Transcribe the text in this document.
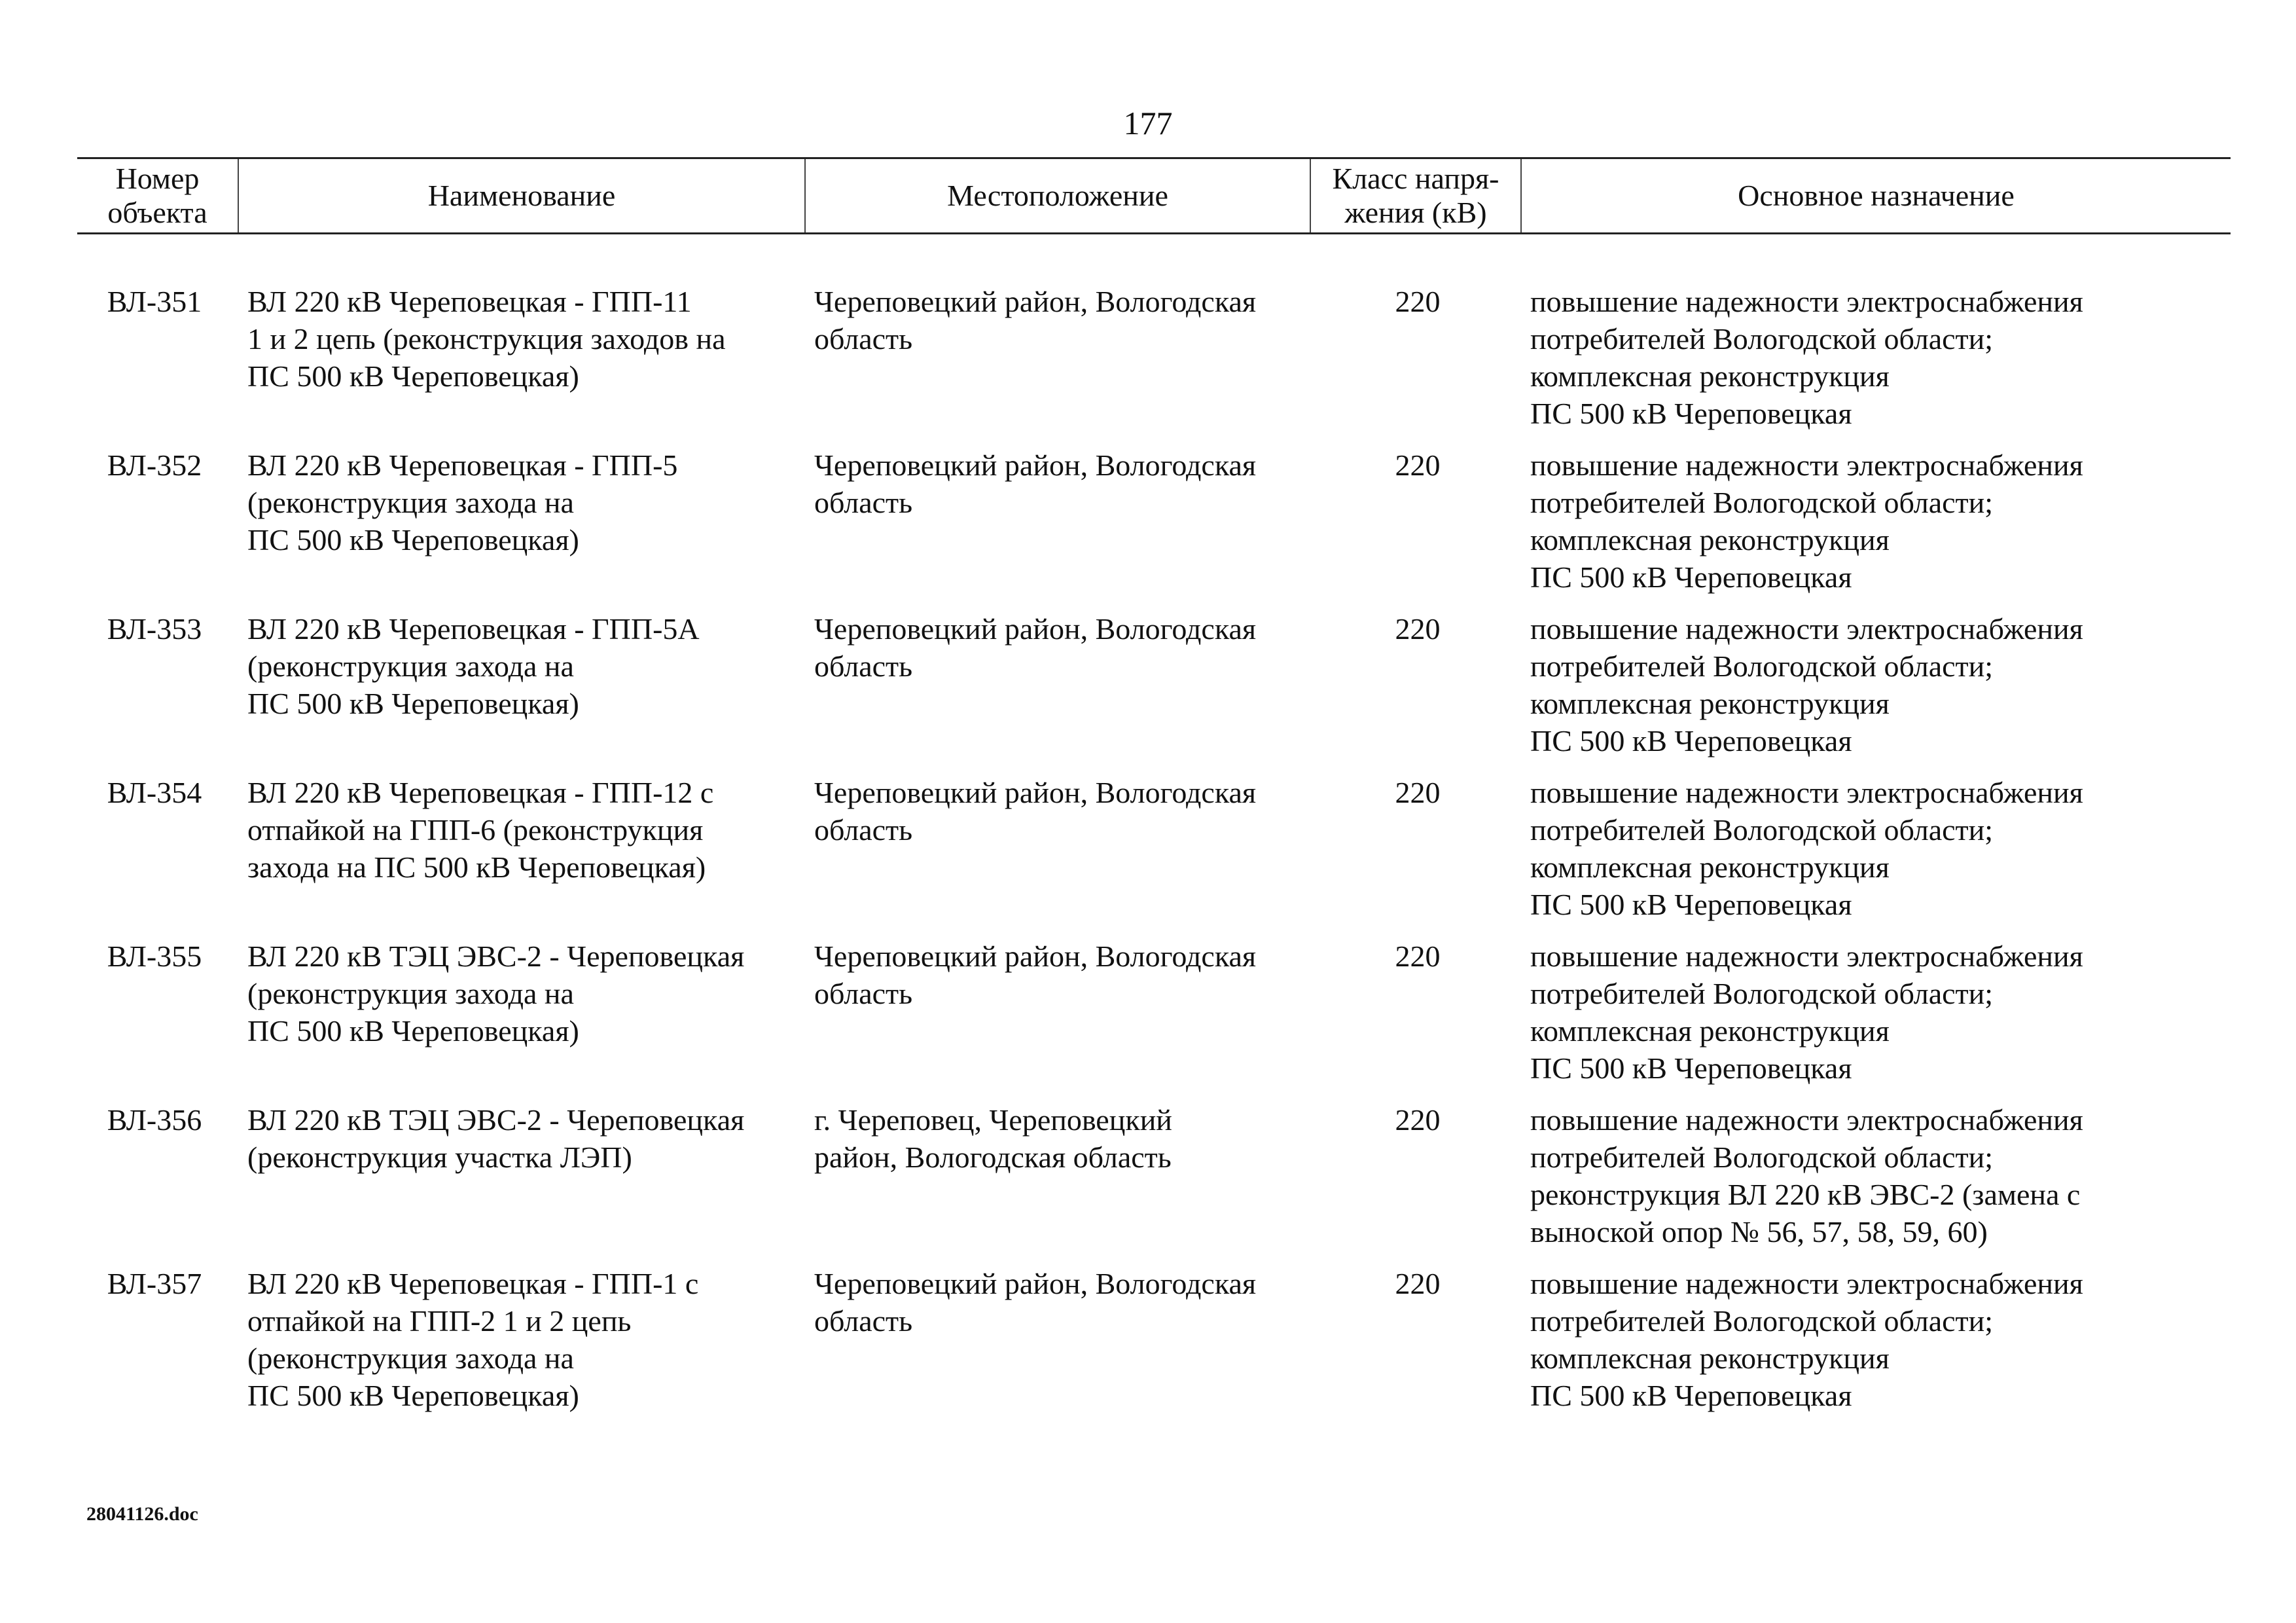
177
Номер
объекта	Наименование	Местоположение	Класс напря-
жения (кВ)	Основное назначение

ВЛ-351	ВЛ 220 кВ Череповецкая - ГПП-11
1 и 2 цепь (реконструкция заходов на
ПС 500 кВ Череповецкая)	Череповецкий район, Вологодская
область	220	повышение надежности электроснабжения
потребителей Вологодской области;
комплексная реконструкция
ПС 500 кВ Череповецкая

ВЛ-352	ВЛ 220 кВ Череповецкая - ГПП-5
(реконструкция захода на
ПС 500 кВ Череповецкая)	Череповецкий район, Вологодская
область	220	повышение надежности электроснабжения
потребителей Вологодской области;
комплексная реконструкция
ПС 500 кВ Череповецкая

ВЛ-353	ВЛ 220 кВ Череповецкая - ГПП-5А
(реконструкция захода на
ПС 500 кВ Череповецкая)	Череповецкий район, Вологодская
область	220	повышение надежности электроснабжения
потребителей Вологодской области;
комплексная реконструкция
ПС 500 кВ Череповецкая

ВЛ-354	ВЛ 220 кВ Череповецкая - ГПП-12 с
отпайкой на ГПП-6 (реконструкция
захода на ПС 500 кВ Череповецкая)	Череповецкий район, Вологодская
область	220	повышение надежности электроснабжения
потребителей Вологодской области;
комплексная реконструкция
ПС 500 кВ Череповецкая

ВЛ-355	ВЛ 220 кВ ТЭЦ ЭВС-2 - Череповецкая
(реконструкция захода на
ПС 500 кВ Череповецкая)	Череповецкий район, Вологодская
область	220	повышение надежности электроснабжения
потребителей Вологодской области;
комплексная реконструкция
ПС 500 кВ Череповецкая

ВЛ-356	ВЛ 220 кВ ТЭЦ ЭВС-2 - Череповецкая
(реконструкция участка ЛЭП)	г. Череповец, Череповецкий
район, Вологодская область	220	повышение надежности электроснабжения
потребителей Вологодской области;
реконструкция ВЛ 220 кВ ЭВС-2 (замена с
выноской опор № 56, 57, 58, 59, 60)

ВЛ-357	ВЛ 220 кВ Череповецкая - ГПП-1 с
отпайкой на ГПП-2 1 и 2 цепь
(реконструкция захода на
ПС 500 кВ Череповецкая)	Череповецкий район, Вологодская
область	220	повышение надежности электроснабжения
потребителей Вологодской области;
комплексная реконструкция
ПС 500 кВ Череповецкая
28041126.doc
